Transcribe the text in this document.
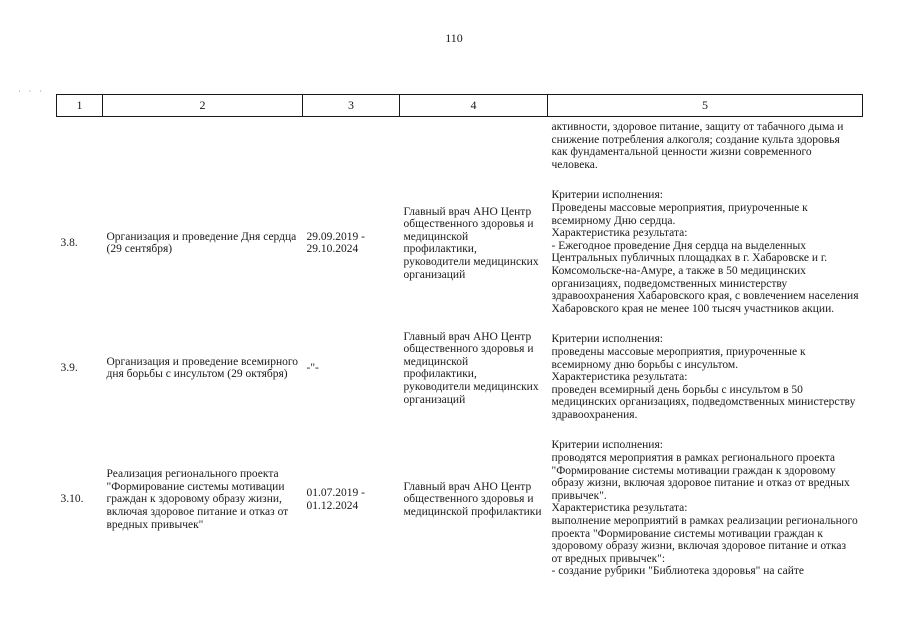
110
· · ·
1	2	3	4	5
				активности, здоровое питание, защиту от табачного дыма и снижение потребления алкоголя; создание культа здоровья как фундаментальной ценности жизни современного человека.
3.8.	Организация и проведение Дня сердца (29 сентября)	29.09.2019 - 29.10.2024	Главный врач АНО Центр общественного здоровья и медицинской профилактики, руководители медицинских организаций	Критерии исполнения:
Проведены массовые мероприятия, приуроченные к всемирному Дню сердца.
Характеристика результата:
- Ежегодное проведение Дня сердца на выделенных Центральных публичных площадках в г. Хабаровске и г. Комсомольске-на-Амуре, а также в 50 медицинских организациях, подведомственных министерству здравоохранения Хабаровского края, с вовлечением населения Хабаровского края не менее 100 тысяч участников акции.

3.9.	Организация и проведение всемирного дня борьбы с инсультом (29 октября)	-"-	Главный врач АНО Центр общественного здоровья и медицинской профилактики, руководители медицинских организаций	Критерии исполнения:
проведены массовые мероприятия, приуроченные к всемирному дню борьбы с инсультом.
Характеристика результата:
проведен всемирный день борьбы с инсультом в 50 медицинских организациях, подведомственных министерству здравоохранения.

3.10.	Реализация регионального проекта "Формирование системы мотивации граждан к здоровому образу жизни, включая здоровое питание и отказ от вредных привычек"	01.07.2019 - 01.12.2024	Главный врач АНО Центр общественного здоровья и медицинской профилактики	Критерии исполнения:
проводятся мероприятия в рамках регионального проекта "Формирование системы мотивации граждан к здоровому образу жизни, включая здоровое питание и отказ от вредных привычек".
Характеристика результата:
выполнение мероприятий в рамках реализации регионального проекта "Формирование системы мотивации граждан к здоровому образу жизни, включая здоровое питание и отказ от вредных привычек":
- создание рубрики "Библиотека здоровья" на сайте
